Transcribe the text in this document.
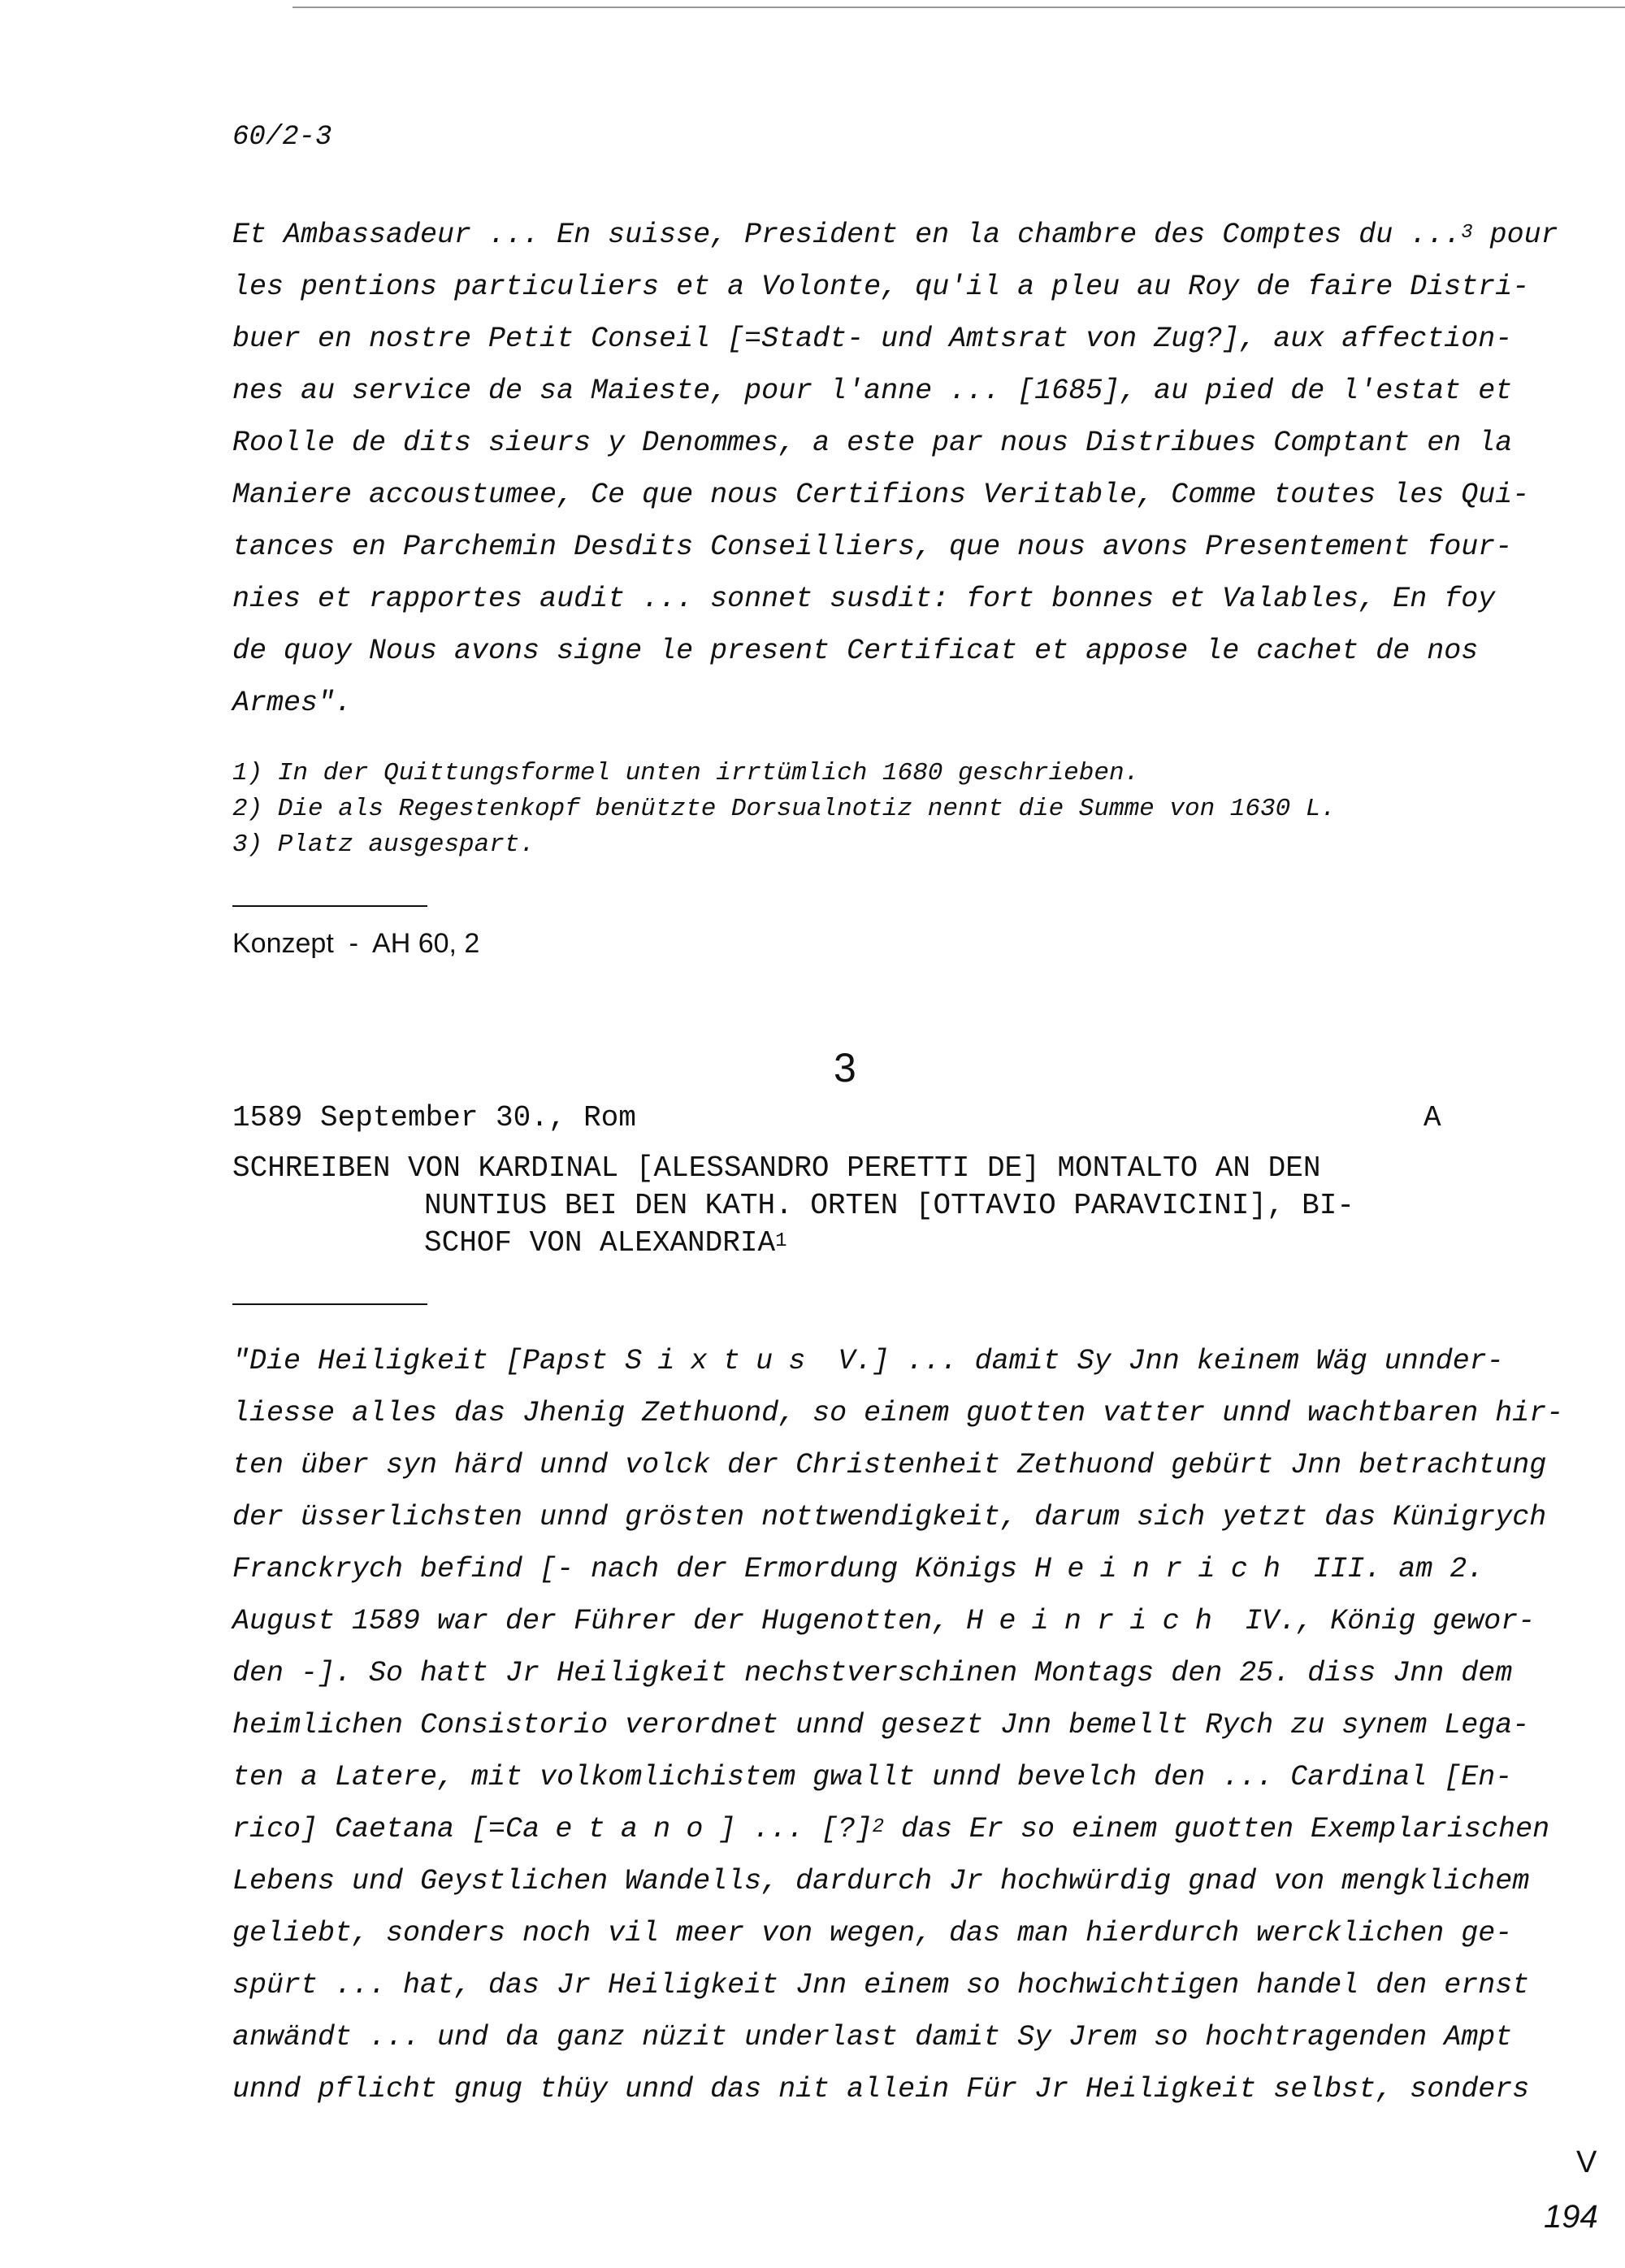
60/2-3
Et Ambassadeur ... En suisse, President en la chambre des Comptes du ...$^3$ pour
les pentions particuliers et a Volonte, qu'il a pleu au Roy de faire Distri-
buer en nostre Petit Conseil [=Stadt- und Amtsrat von Zug?], aux affection-
nes au service de sa Maieste, pour l'anne ... [1685], au pied de l'estat et
Roolle de dits sieurs y Denommes, a este par nous Distribues Comptant en la
Maniere accoustumee, Ce que nous Certifions Veritable, Comme toutes les Qui-
tances en Parchemin Desdits Conseilliers, que nous avons Presentement four-
nies et rapportes audit ... sonnet susdit: fort bonnes et Valables, En foy
de quoy Nous avons signe le present Certificat et appose le cachet de nos
Armes".
1) In der Quittungsformel unten irrtümlich 1680 geschrieben.
2) Die als Regestenkopf benützte Dorsualnotiz nennt die Summe von 1630 L.
3) Platz ausgespart.
Konzept - AH 60, 2
3
1589 September 30., Rom	A
SCHREIBEN VON KARDINAL [ALESSANDRO PERETTI DE] MONTALTO AN DEN
NUNTIUS BEI DEN KATH. ORTEN [OTTAVIO PARAVICINI], BI-
SCHOF VON ALEXANDRIA$^1$
"Die Heiligkeit [Papst Sixtus V.] ... damit Sy Jnn keinem Wäg unnder-
liesse alles das Jhenig Zethuond, so einem guotten vatter unnd wachtbaren hir-
ten über syn härd unnd volck der Christenheit Zethuond gebürt Jnn betrachtung
der üsserlichsten unnd grösten nottwendigkeit, darum sich yetzt das Künigrych
Franckrych befind [- nach der Ermordung Königs Heinrich III. am 2.
August 1589 war der Führer der Hugenotten, Heinrich IV., König gewor-
den -]. So hatt Jr Heiligkeit nechstverschinen Montags den 25. diss Jnn dem
heimlichen Consistorio verordnet unnd gesezt Jnn bemellt Rych zu synem Lega-
ten a Latere, mit volkomlichistem gwallt unnd bevelch den ... Cardinal [En-
rico] Caetana [=Caetano] ... [?]$^2$ das Er so einem guotten Exemplarischen
Lebens und Geystlichen Wandells, dardurch Jr hochwürdig gnad von mengklichem
geliebt, sonders noch vil meer von wegen, das man hierdurch wercklichen ge-
spürt ... hat, das Jr Heiligkeit Jnn einem so hochwichtigen handel den ernst
anwändt ... und da ganz nüzit underlast damit Sy Jrem so hochtragenden Ampt
unnd pflicht gnug thüy unnd das nit allein Für Jr Heiligkeit selbst, sonders
V
194
